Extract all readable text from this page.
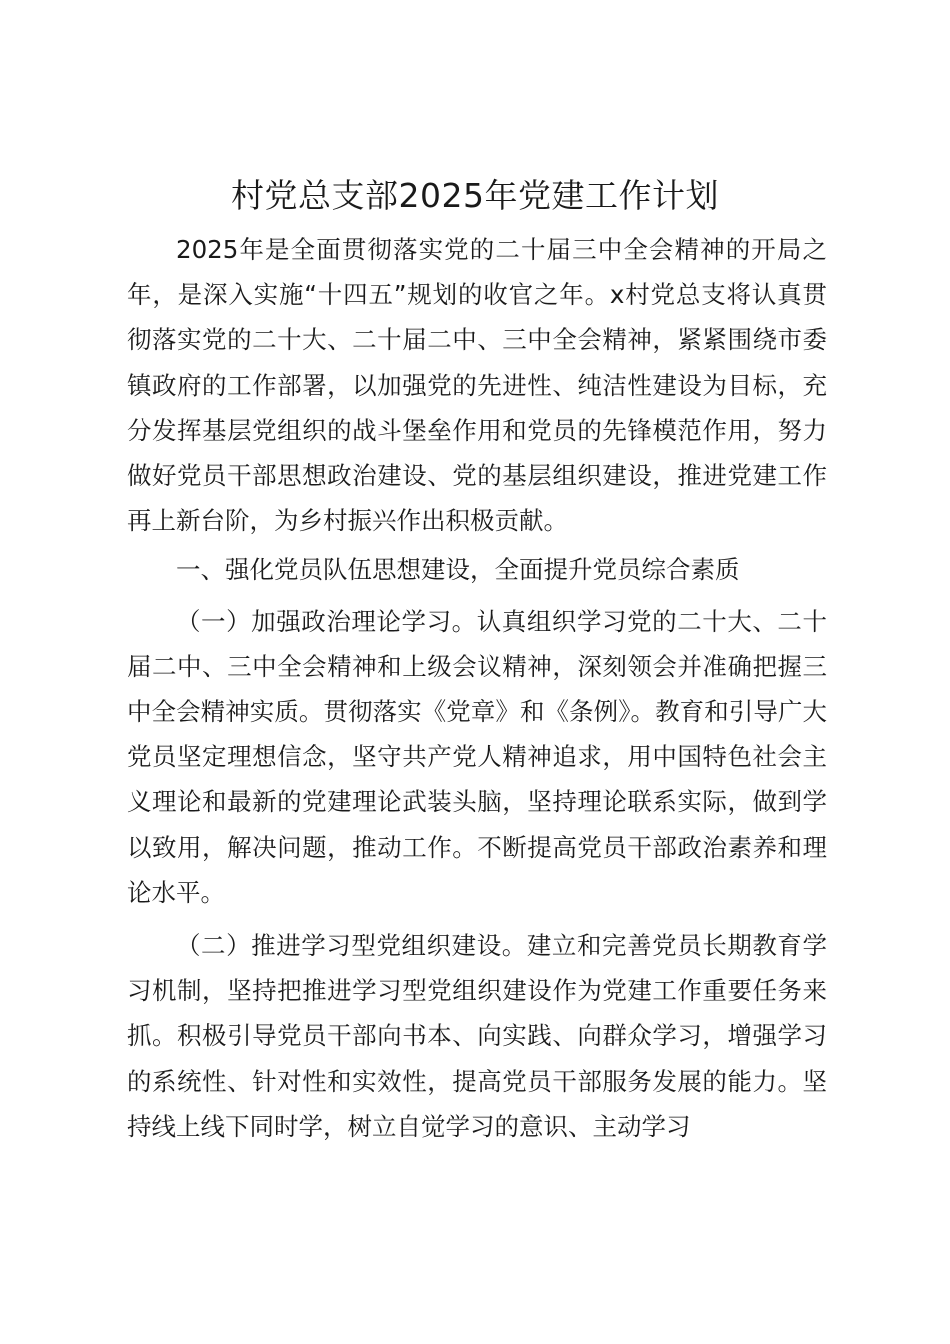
村党总支部2025年党建工作计划

2025年是全面贯彻落实党的二十届三中全会精神的开局之年，是深入实施“十四五”规划的收官之年。x村党总支将认真贯彻落实党的二十大、二十届二中、三中全会精神，紧紧围绕市委镇政府的工作部署，以加强党的先进性、纯洁性建设为目标，充分发挥基层党组织的战斗堡垒作用和党员的先锋模范作用，努力做好党员干部思想政治建设、党的基层组织建设，推进党建工作再上新台阶，为乡村振兴作出积极贡献。

一、强化党员队伍思想建设，全面提升党员综合素质

（一）加强政治理论学习。认真组织学习党的二十大、二十届二中、三中全会精神和上级会议精神，深刻领会并准确把握三中全会精神实质。贯彻落实《党章》和《条例》。教育和引导广大党员坚定理想信念，坚守共产党人精神追求，用中国特色社会主义理论和最新的党建理论武装头脑，坚持理论联系实际，做到学以致用，解决问题，推动工作。不断提高党员干部政治素养和理论水平。

（二）推进学习型党组织建设。建立和完善党员长期教育学习机制，坚持把推进学习型党组织建设作为党建工作重要任务来抓。积极引导党员干部向书本、向实践、向群众学习，增强学习的系统性、针对性和实效性，提高党员干部服务发展的能力。坚持线上线下同时学，树立自觉学习的意识、主动学习
